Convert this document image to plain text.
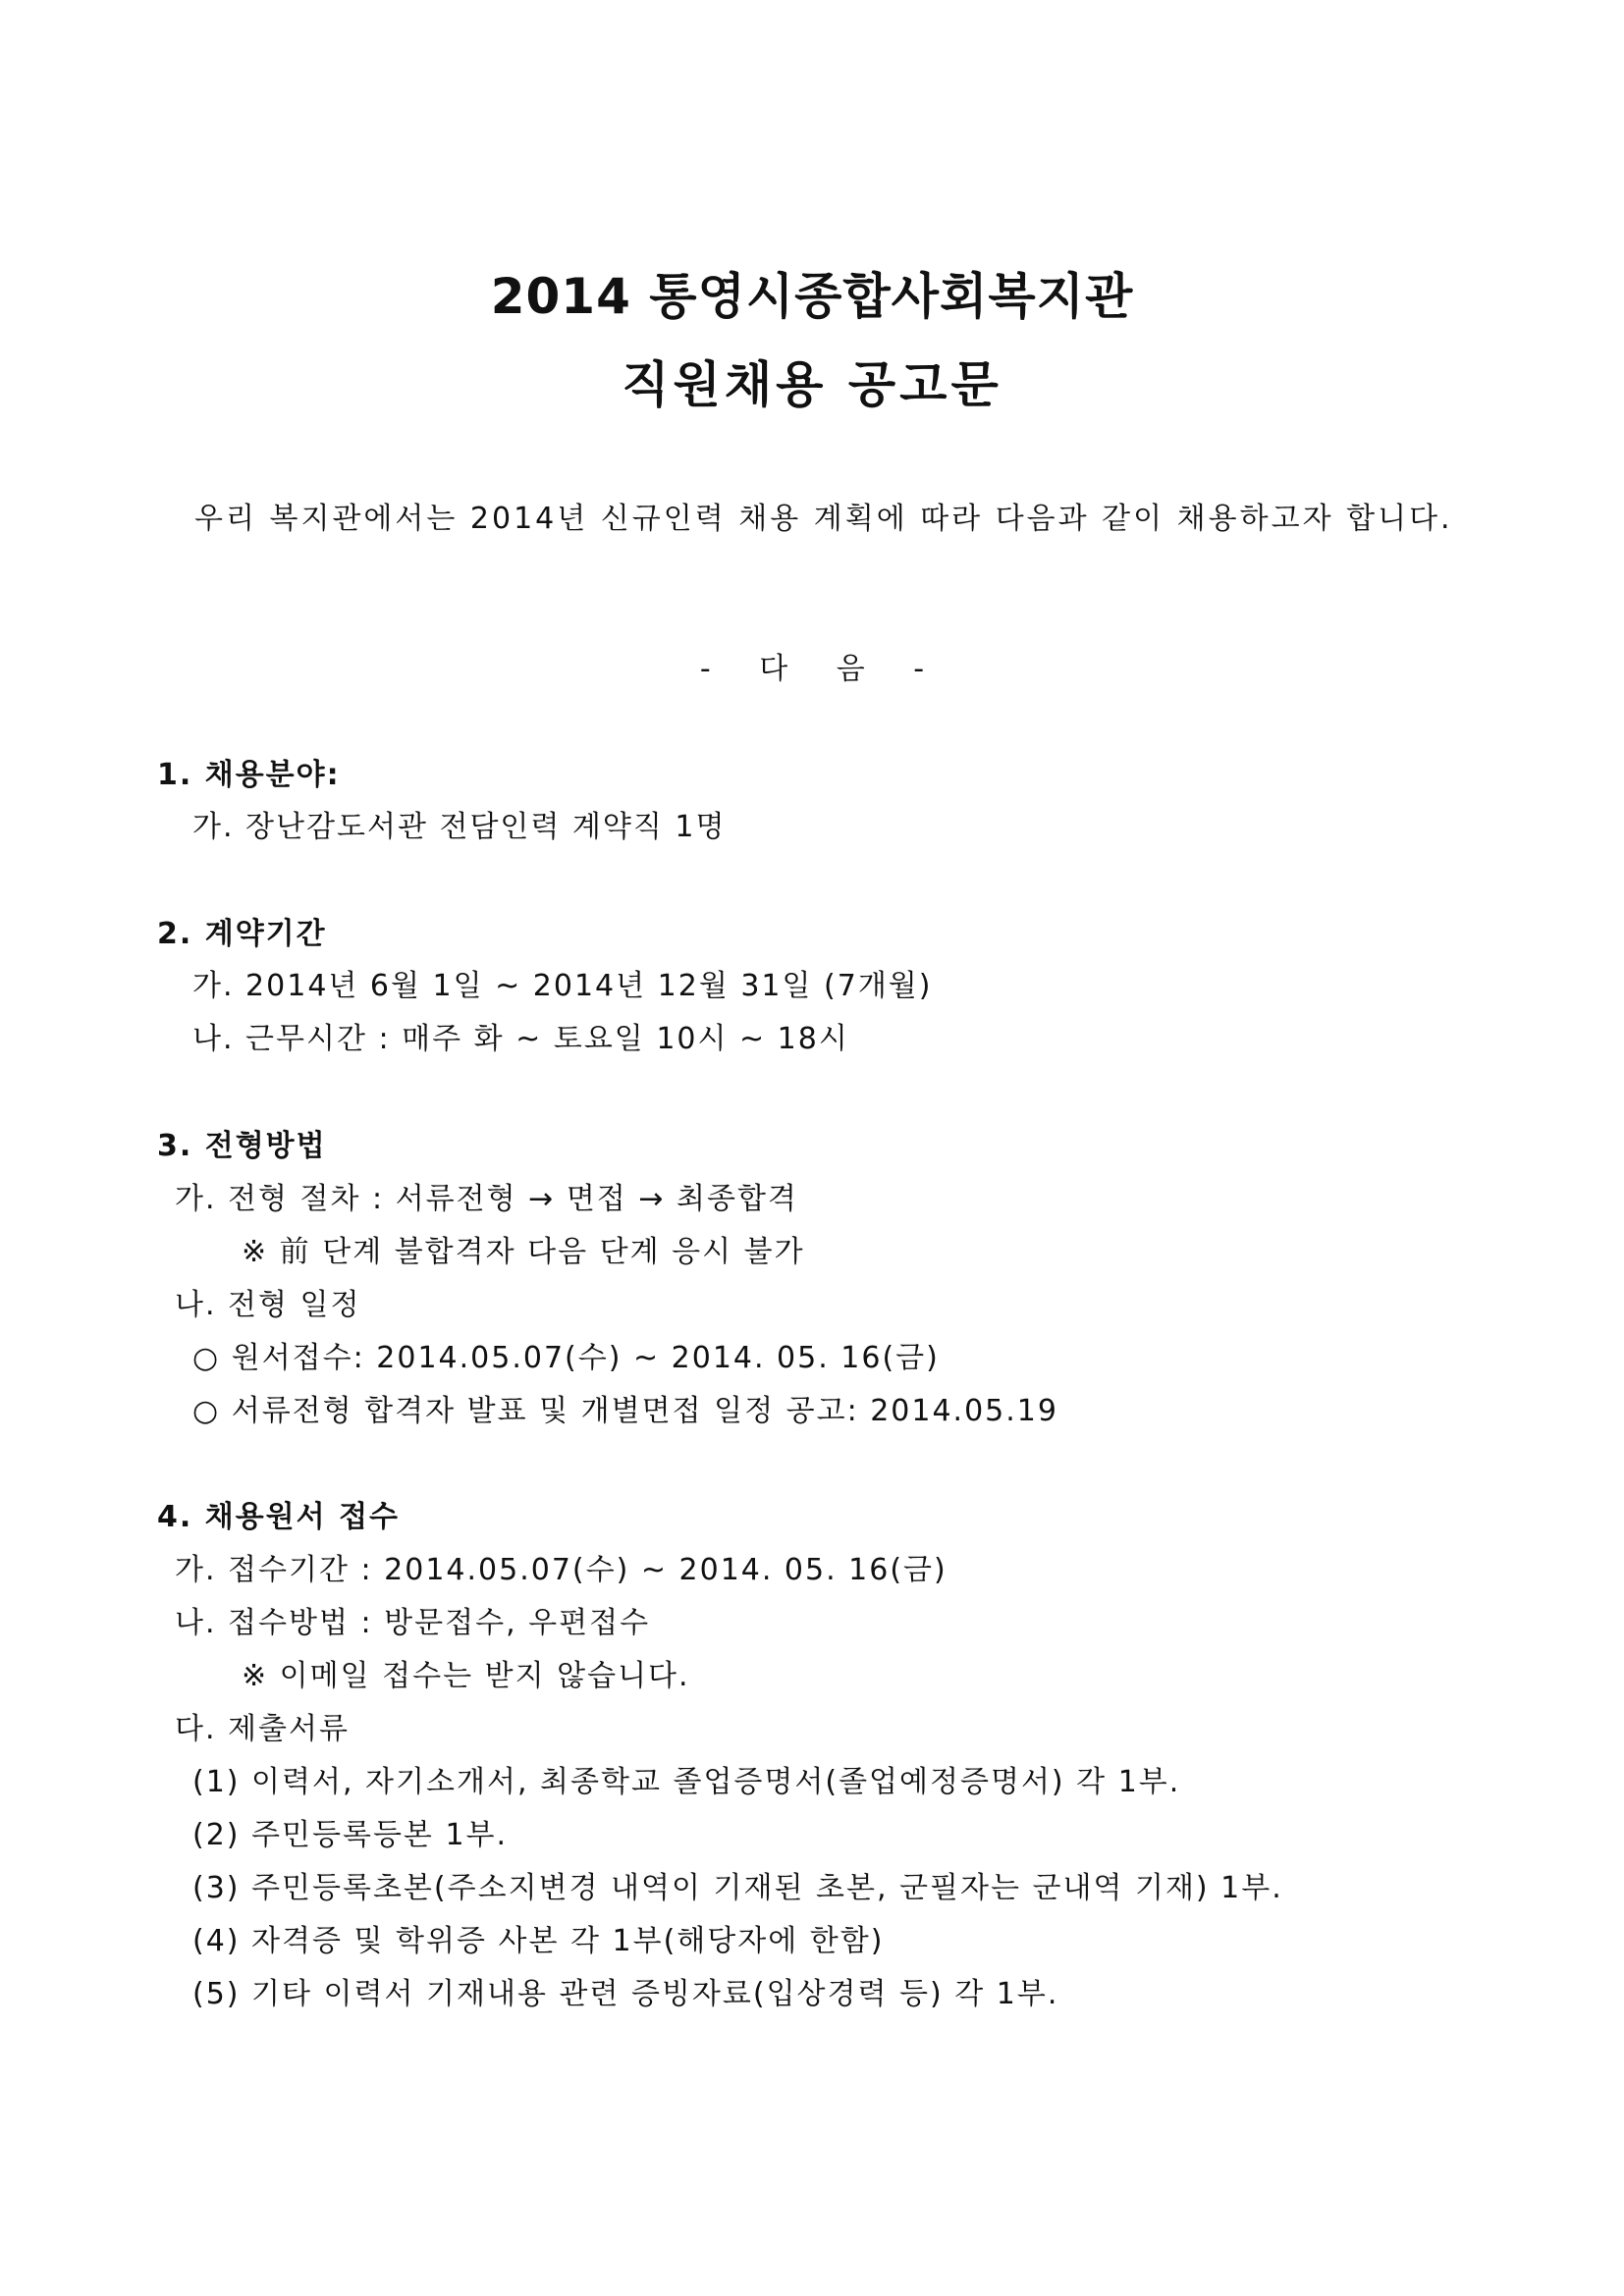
2014 통영시종합사회복지관
직원채용 공고문
우리 복지관에서는 2014년 신규인력 채용 계획에 따라 다음과 같이 채용하고자 합니다.
- 다 음 -
1. 채용분야:
가. 장난감도서관 전담인력 계약직 1명
2. 계약기간
가. 2014년 6월 1일 ~ 2014년 12월 31일 (7개월)
나. 근무시간 : 매주 화 ~ 토요일 10시 ~ 18시
3. 전형방법
가. 전형 절차 : 서류전형 → 면접 → 최종합격
※ 前 단계 불합격자 다음 단계 응시 불가
나. 전형 일정
○ 원서접수: 2014.05.07(수) ~ 2014. 05. 16(금)
○ 서류전형 합격자 발표 및 개별면접 일정 공고: 2014.05.19
4. 채용원서 접수
가. 접수기간 : 2014.05.07(수) ~ 2014. 05. 16(금)
나. 접수방법 : 방문접수, 우편접수
※ 이메일 접수는 받지 않습니다.
다. 제출서류
(1) 이력서, 자기소개서, 최종학교 졸업증명서(졸업예정증명서) 각 1부.
(2) 주민등록등본 1부.
(3) 주민등록초본(주소지변경 내역이 기재된 초본, 군필자는 군내역 기재) 1부.
(4) 자격증 및 학위증 사본 각 1부(해당자에 한함)
(5) 기타 이력서 기재내용 관련 증빙자료(입상경력 등) 각 1부.
